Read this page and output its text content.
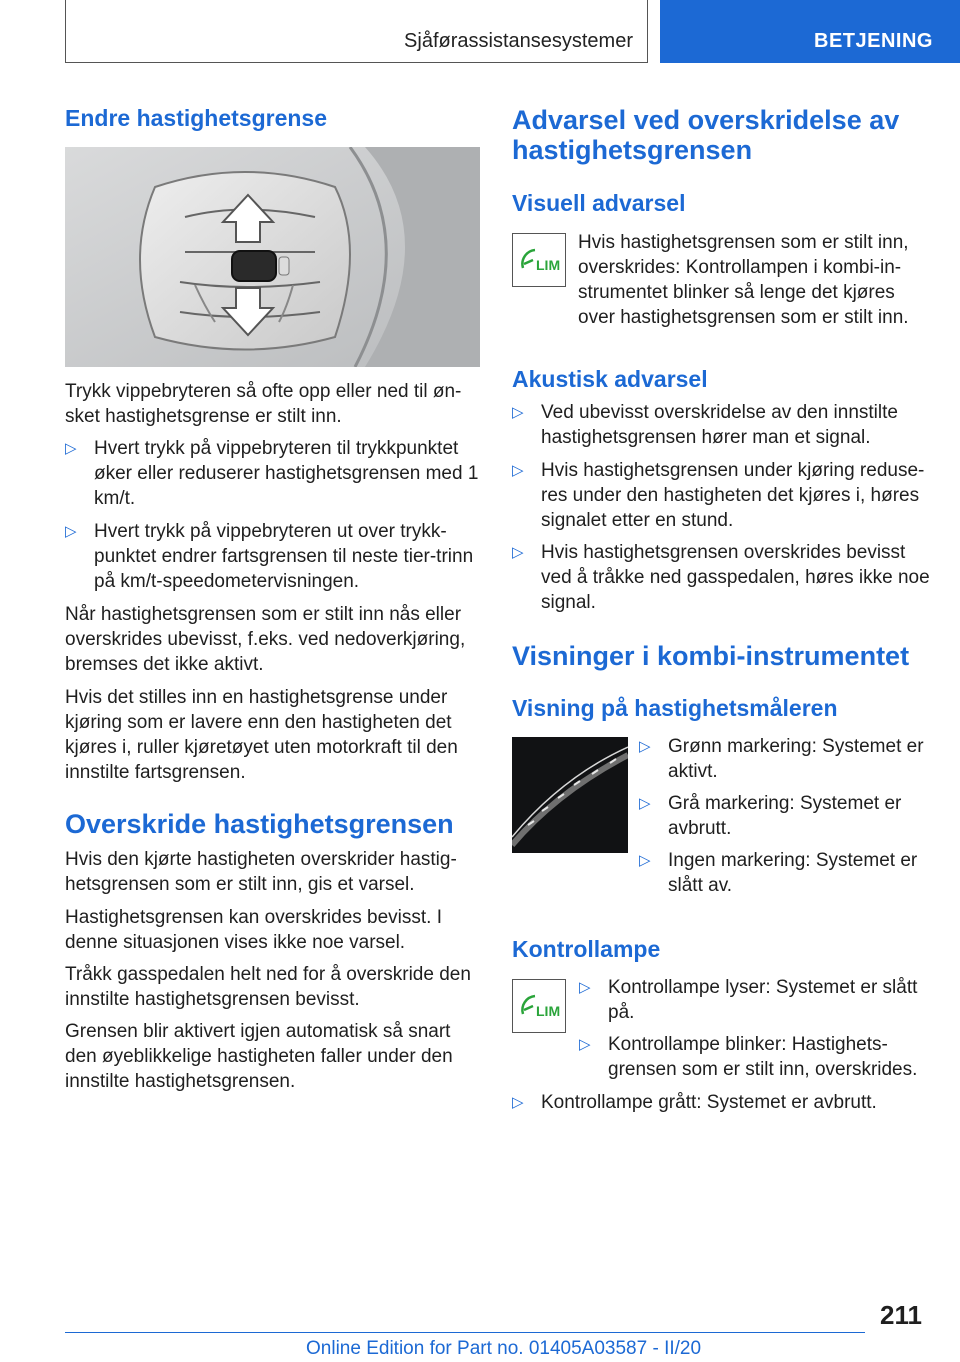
Sjåførassistansesystemer	BETJENING
Endre hastighetsgrense

Trykk vippebryteren så ofte opp eller ned til øn-sket hastighetsgrense er stilt inn.

▷ Hvert trykk på vippebryteren til trykkpunktet øker eller reduserer hastighetsgrensen med 1 km/t.
▷ Hvert trykk på vippebryteren ut over trykk-punktet endrer fartsgrensen til neste tier-trinn på km/t-speedometervisningen.

Når hastighetsgrensen som er stilt inn nås eller overskrides ubevisst, f.eks. ved nedoverkjøring, bremses det ikke aktivt.

Hvis det stilles inn en hastighetsgrense under kjøring som er lavere enn den hastigheten det kjøres i, ruller kjøretøyet uten motorkraft til den innstilte fartsgrensen.

Overskride hastighetsgrensen

Hvis den kjørte hastigheten overskrider hastig-hetsgrensen som er stilt inn, gis et varsel.

Hastighetsgrensen kan overskrides bevisst. I denne situasjonen vises ikke noe varsel.

Tråkk gasspedalen helt ned for å overskride den innstilte hastighetsgrensen bevisst.

Grensen blir aktivert igjen automatisk så snart den øyeblikkelige hastigheten faller under den innstilte hastighetsgrensen.

Advarsel ved overskridelse av hastighetsgrensen
Visuell advarsel
LIM

Hvis hastighetsgrensen som er stilt inn, overskrides: Kontrollampen i kombi-in-strumentet blinker så lenge det kjøres over hastighetsgrensen som er stilt inn.

Akustisk advarsel
▷ Ved ubevisst overskridelse av den innstilte hastighetsgrensen hører man et signal.
▷ Hvis hastighetsgrensen under kjøring reduse-res under den hastigheten det kjøres i, høres signalet etter en stund.
▷ Hvis hastighetsgrensen overskrides bevisst ved å tråkke ned gasspedalen, høres ikke noe signal.
Visninger i kombi-instrumentet
Visning på hastighetsmåleren
▷ Grønn markering: Systemet er aktivt.
▷ Grå markering: Systemet er avbrutt.
▷ Ingen markering: Systemet er slått av.
Kontrollampe
LIM
▷ Kontrollampe lyser: Systemet er slått på.
▷ Kontrollampe blinker: Hastighets-grensen som er stilt inn, overskrides.
▷ Kontrollampe grått: Systemet er avbrutt.
211
Online Edition for Part no. 01405A03587 - II/20
